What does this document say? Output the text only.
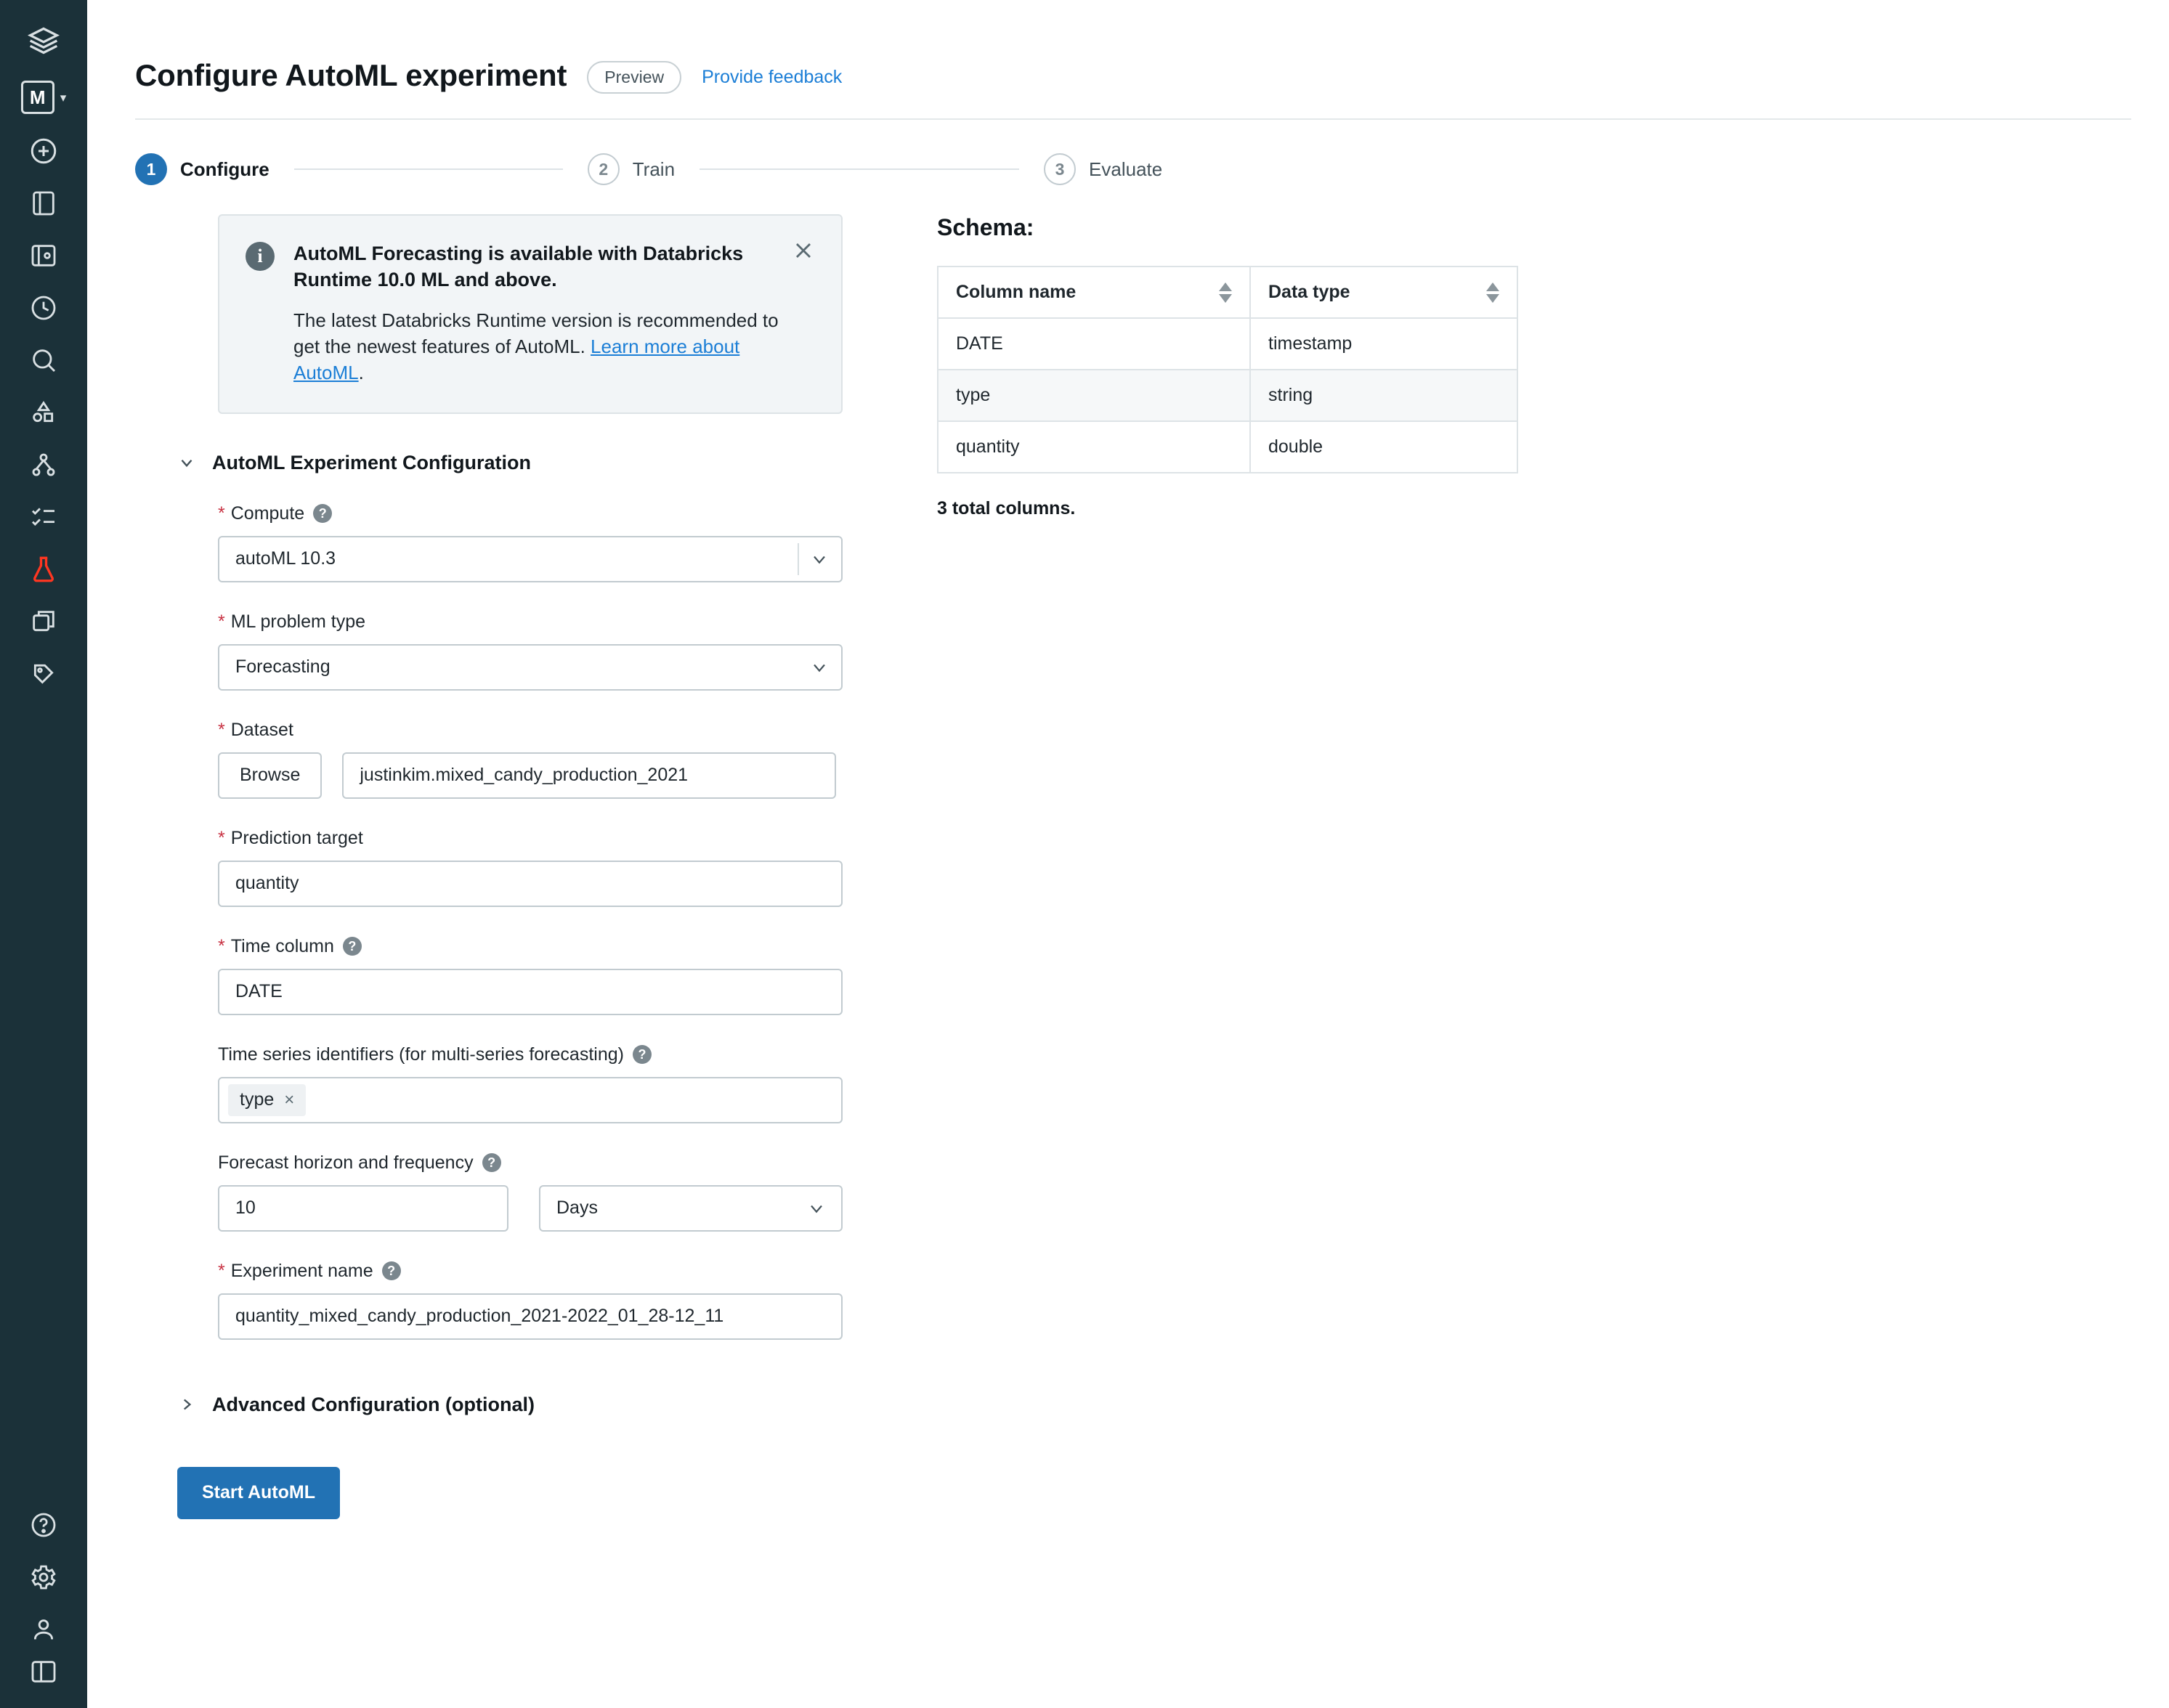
M	▾
Configure AutoML experiment	Preview	Provide feedback
1	Configure	2	Train	3	Evaluate
i	AutoML Forecasting is available with Databricks Runtime 10.0 ML and above.
The latest Databricks Runtime version is recommended to get the newest features of AutoML. Learn more about AutoML.
AutoML Experiment Configuration
* Compute	?
autoML 10.3
* ML problem type
Forecasting
* Dataset
Browse	justinkim.mixed_candy_production_2021
* Prediction target
quantity
* Time column	?
DATE
Time series identifiers (for multi-series forecasting)	?
type ×
Forecast horizon and frequency	?
10	Days
* Experiment name	?
quantity_mixed_candy_production_2021-2022_01_28-12_11
Advanced Configuration (optional)
Start AutoML
Schema:
Column name	Data type

DATE	timestamp
type	string
quantity	double
3 total columns.
